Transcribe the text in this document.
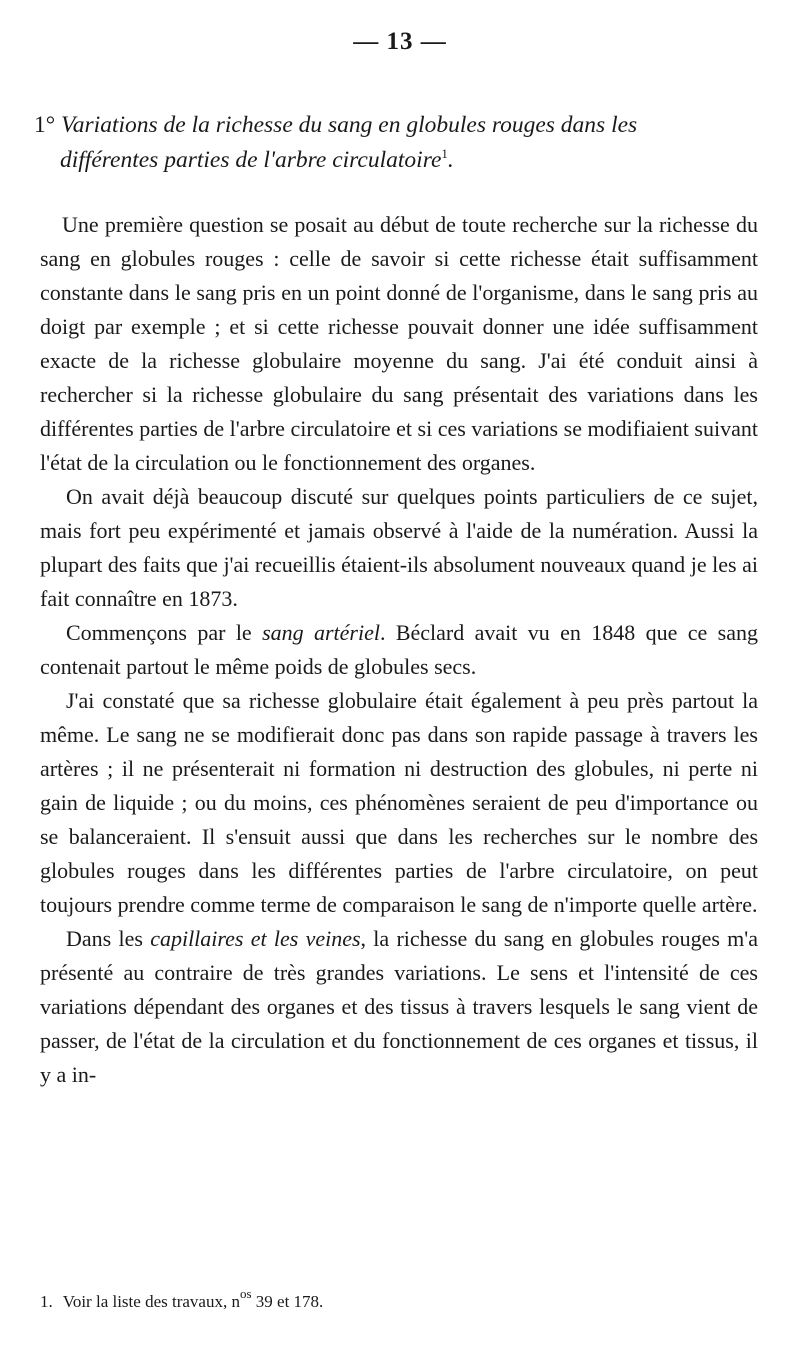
— 13 —
1° Variations de la richesse du sang en globules rouges dans les
différentes parties de l'arbre circulatoire$^1$.

Une première question se posait au début de toute recherche sur la richesse du sang en globules rouges : celle de savoir si cette richesse était suffisamment constante dans le sang pris en un point donné de l'organisme, dans le sang pris au doigt par exemple ; et si cette richesse pouvait donner une idée suffisamment exacte de la richesse globulaire moyenne du sang. J'ai été conduit ainsi à rechercher si la richesse globulaire du sang présentait des variations dans les différentes parties de l'arbre circulatoire et si ces variations se modifiaient suivant l'état de la circulation ou le fonctionnement des organes.

On avait déjà beaucoup discuté sur quelques points particuliers de ce sujet, mais fort peu expérimenté et jamais observé à l'aide de la numération. Aussi la plupart des faits que j'ai recueillis étaient-ils absolument nouveaux quand je les ai fait connaître en 1873.

Commençons par le sang artériel. Béclard avait vu en 1848 que ce sang contenait partout le même poids de globules secs.

J'ai constaté que sa richesse globulaire était également à peu près partout la même. Le sang ne se modifierait donc pas dans son rapide passage à travers les artères ; il ne présenterait ni formation ni destruction des globules, ni perte ni gain de liquide ; ou du moins, ces phénomènes seraient de peu d'importance ou se balanceraient. Il s'ensuit aussi que dans les recherches sur le nombre des globules rouges dans les différentes parties de l'arbre circulatoire, on peut toujours prendre comme terme de comparaison le sang de n'importe quelle artère.

Dans les capillaires et les veines, la richesse du sang en globules rouges m'a présenté au contraire de très grandes variations. Le sens et l'intensité de ces variations dépendant des organes et des tissus à travers lesquels le sang vient de passer, de l'état de la circulation et du fonctionnement de ces organes et tissus, il y a in-

1. Voir la liste des travaux, $n^{os}$ 39 et 178.
